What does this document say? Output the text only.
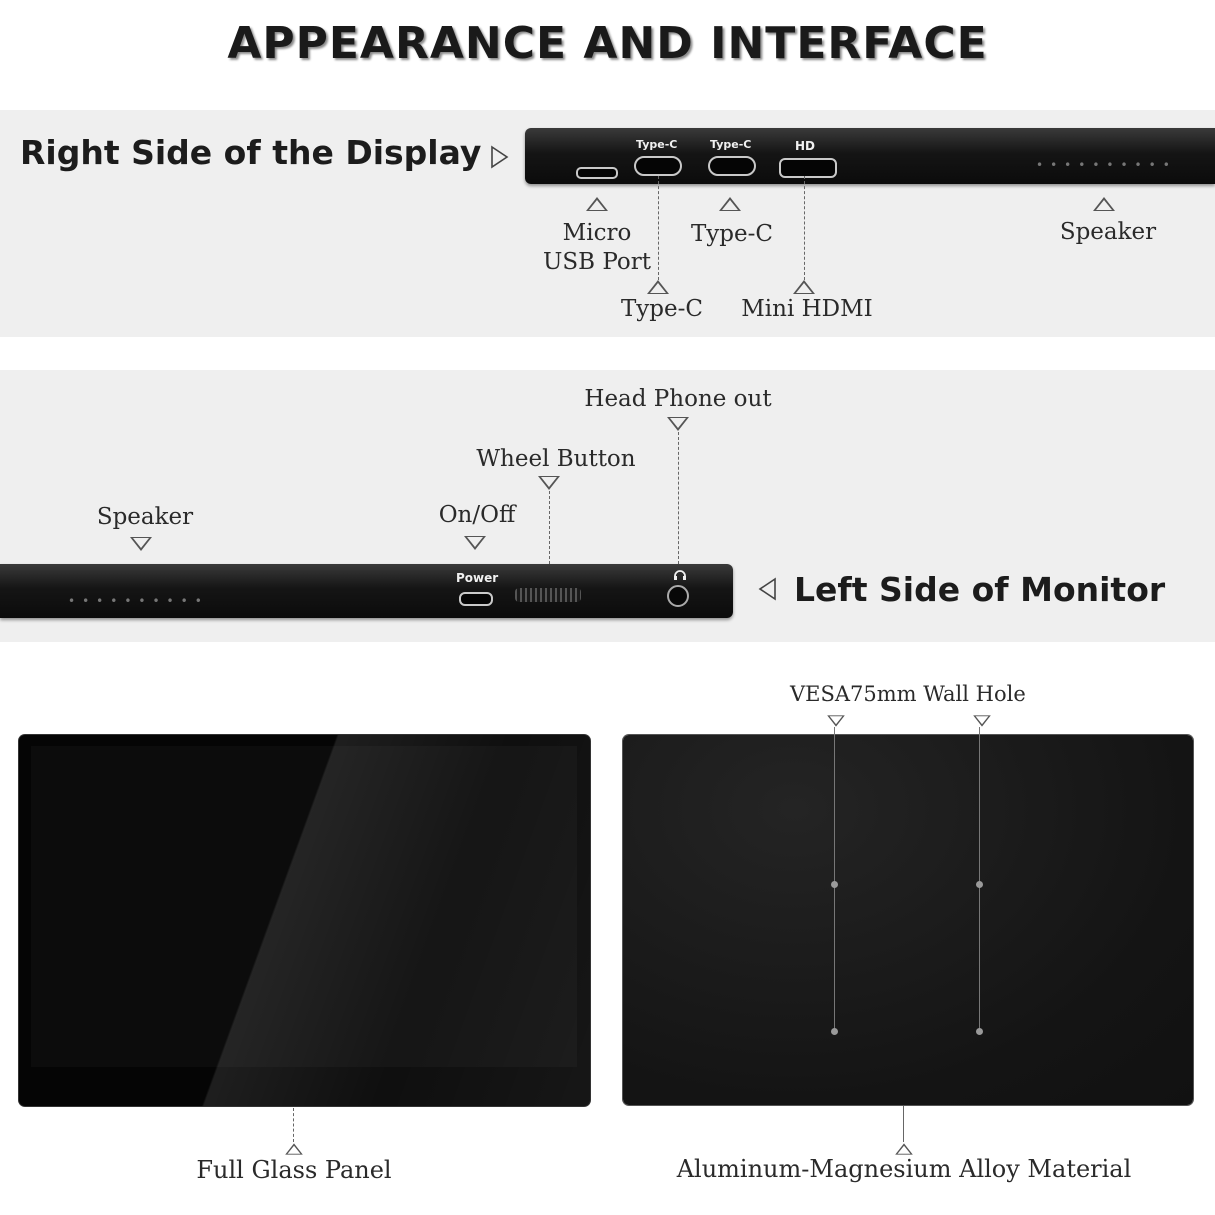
APPEARANCE AND INTERFACE
Right Side of the Display	Type-C	Type-C	HD
••••••••••
Micro
USB Port
Type-C	Speaker
Type-C	Mini HDMI
Head Phone out
Wheel Button
Speaker	On/Off
••••••••••
Power	Left Side of Monitor
VESA75mm Wall Hole
Full Glass Panel	Aluminum-Magnesium Alloy Material
